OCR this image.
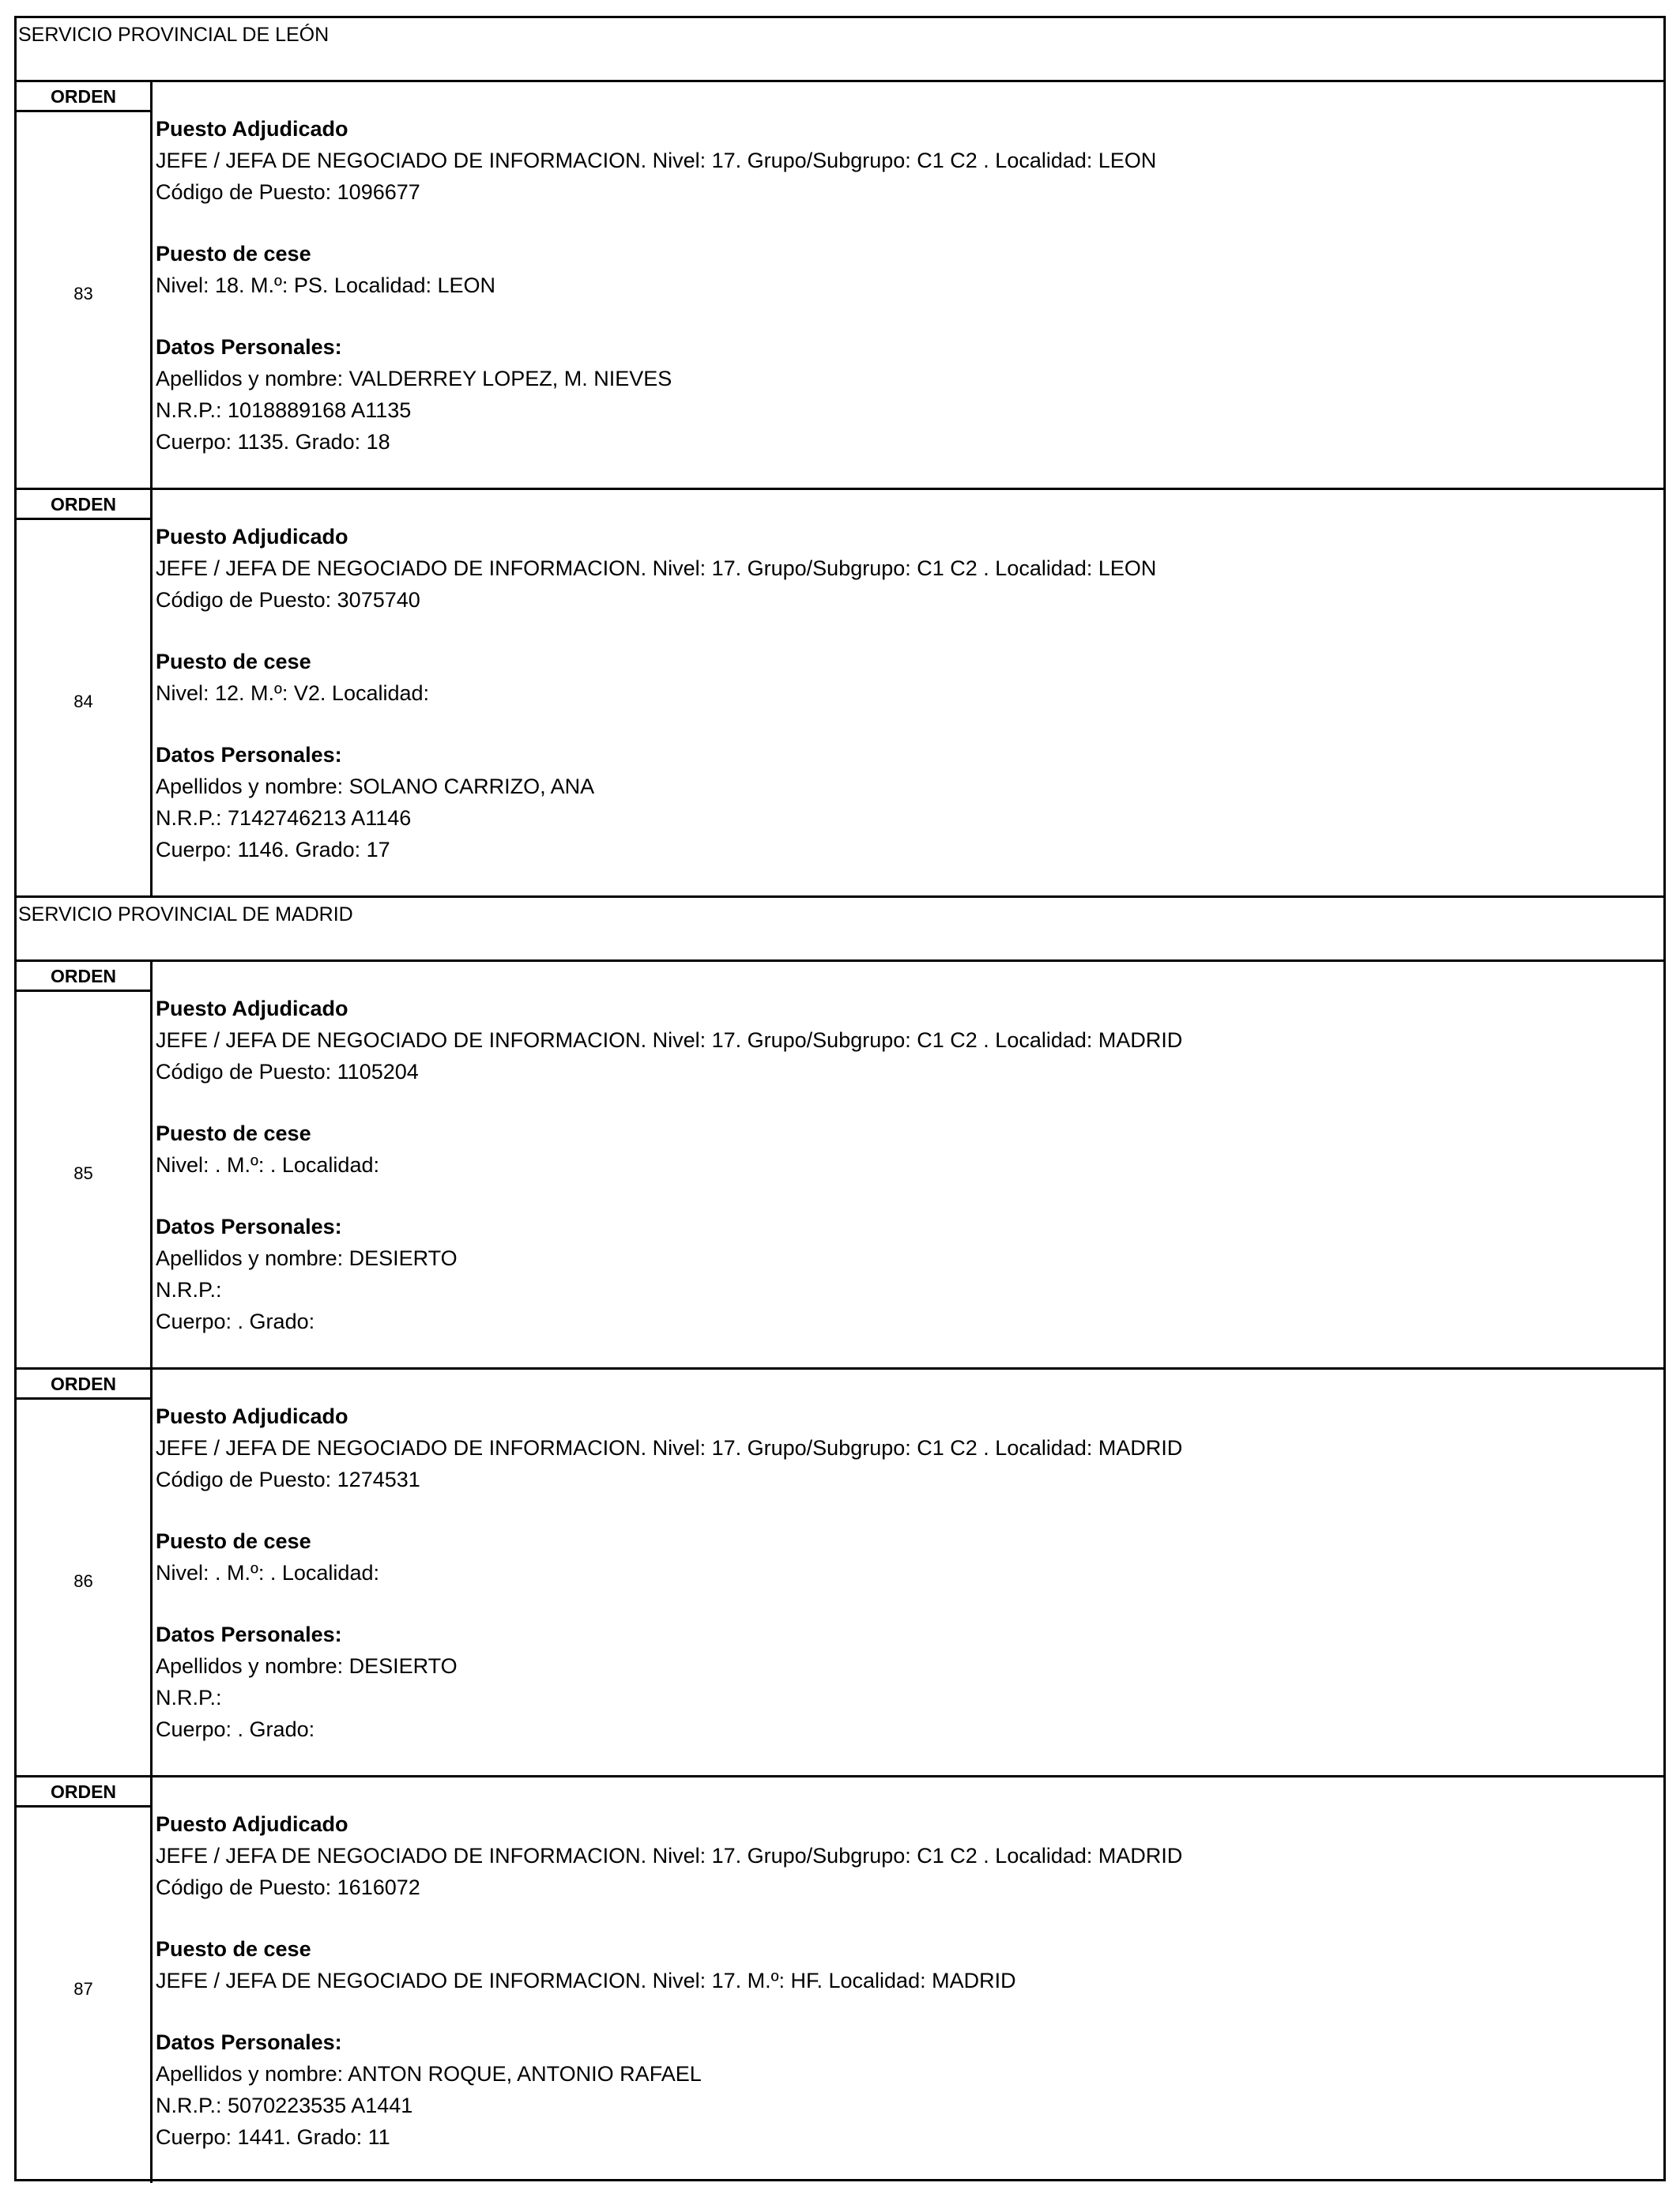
SERVICIO PROVINCIAL DE LEÓN
ORDEN
83
Puesto Adjudicado
JEFE / JEFA DE NEGOCIADO DE INFORMACION. Nivel: 17. Grupo/Subgrupo: C1 C2 . Localidad: LEON
Código de Puesto: 1096677
Puesto de cese
Nivel: 18. M.º: PS. Localidad: LEON
Datos Personales:
Apellidos y nombre: VALDERREY LOPEZ, M. NIEVES
N.R.P.: 1018889168 A1135
Cuerpo: 1135. Grado: 18
ORDEN
84
Puesto Adjudicado
JEFE / JEFA DE NEGOCIADO DE INFORMACION. Nivel: 17. Grupo/Subgrupo: C1 C2 . Localidad: LEON
Código de Puesto: 3075740
Puesto de cese
Nivel: 12. M.º: V2. Localidad:
Datos Personales:
Apellidos y nombre: SOLANO CARRIZO, ANA
N.R.P.: 7142746213 A1146
Cuerpo: 1146. Grado: 17
SERVICIO PROVINCIAL DE MADRID
ORDEN
85
Puesto Adjudicado
JEFE / JEFA DE NEGOCIADO DE INFORMACION. Nivel: 17. Grupo/Subgrupo: C1 C2 . Localidad: MADRID
Código de Puesto: 1105204
Puesto de cese
Nivel: . M.º: . Localidad:
Datos Personales:
Apellidos y nombre: DESIERTO
N.R.P.:
Cuerpo: . Grado:
ORDEN
86
Puesto Adjudicado
JEFE / JEFA DE NEGOCIADO DE INFORMACION. Nivel: 17. Grupo/Subgrupo: C1 C2 . Localidad: MADRID
Código de Puesto: 1274531
Puesto de cese
Nivel: . M.º: . Localidad:
Datos Personales:
Apellidos y nombre: DESIERTO
N.R.P.:
Cuerpo: . Grado:
ORDEN
87
Puesto Adjudicado
JEFE / JEFA DE NEGOCIADO DE INFORMACION. Nivel: 17. Grupo/Subgrupo: C1 C2 . Localidad: MADRID
Código de Puesto: 1616072
Puesto de cese
JEFE / JEFA DE NEGOCIADO DE INFORMACION. Nivel: 17. M.º: HF. Localidad: MADRID
Datos Personales:
Apellidos y nombre: ANTON ROQUE, ANTONIO RAFAEL
N.R.P.: 5070223535 A1441
Cuerpo: 1441. Grado: 11
